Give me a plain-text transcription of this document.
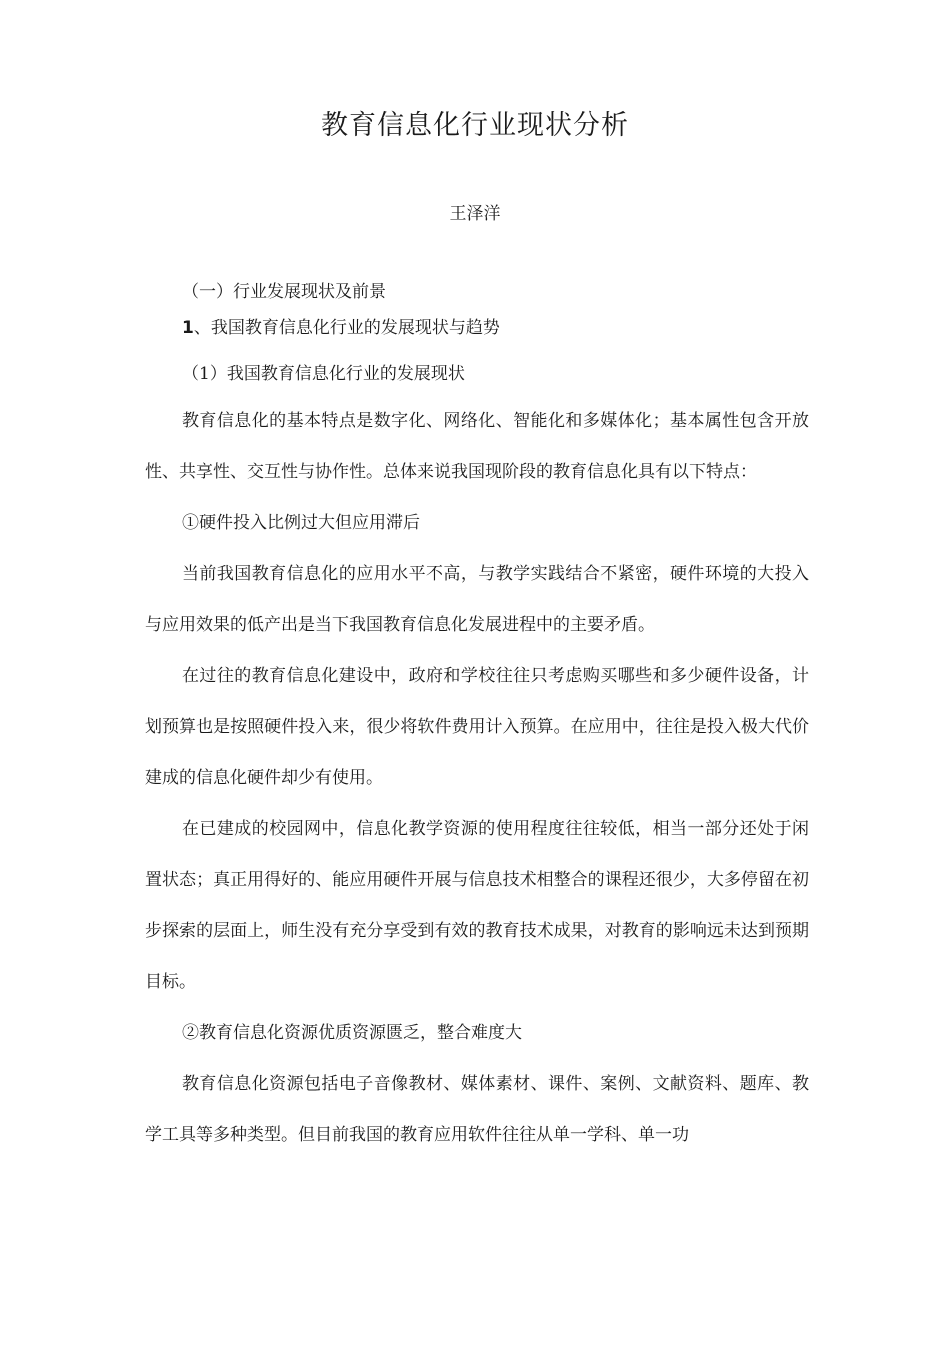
教育信息化行业现状分析
王泽洋

（一）行业发展现状及前景

1、我国教育信息化行业的发展现状与趋势

（1）我国教育信息化行业的发展现状

教育信息化的基本特点是数字化、网络化、智能化和多媒体化；基本属性包含开放性、共享性、交互性与协作性。总体来说我国现阶段的教育信息化具有以下特点：

①硬件投入比例过大但应用滞后

当前我国教育信息化的应用水平不高，与教学实践结合不紧密，硬件环境的大投入与应用效果的低产出是当下我国教育信息化发展进程中的主要矛盾。

在过往的教育信息化建设中，政府和学校往往只考虑购买哪些和多少硬件设备，计划预算也是按照硬件投入来，很少将软件费用计入预算。在应用中，往往是投入极大代价建成的信息化硬件却少有使用。

在已建成的校园网中，信息化教学资源的使用程度往往较低，相当一部分还处于闲置状态；真正用得好的、能应用硬件开展与信息技术相整合的课程还很少，大多停留在初步探索的层面上，师生没有充分享受到有效的教育技术成果，对教育的影响远未达到预期目标。

②教育信息化资源优质资源匮乏，整合难度大

教育信息化资源包括电子音像教材、媒体素材、课件、案例、文献资料、题库、教学工具等多种类型。但目前我国的教育应用软件往往从单一学科、单一功
